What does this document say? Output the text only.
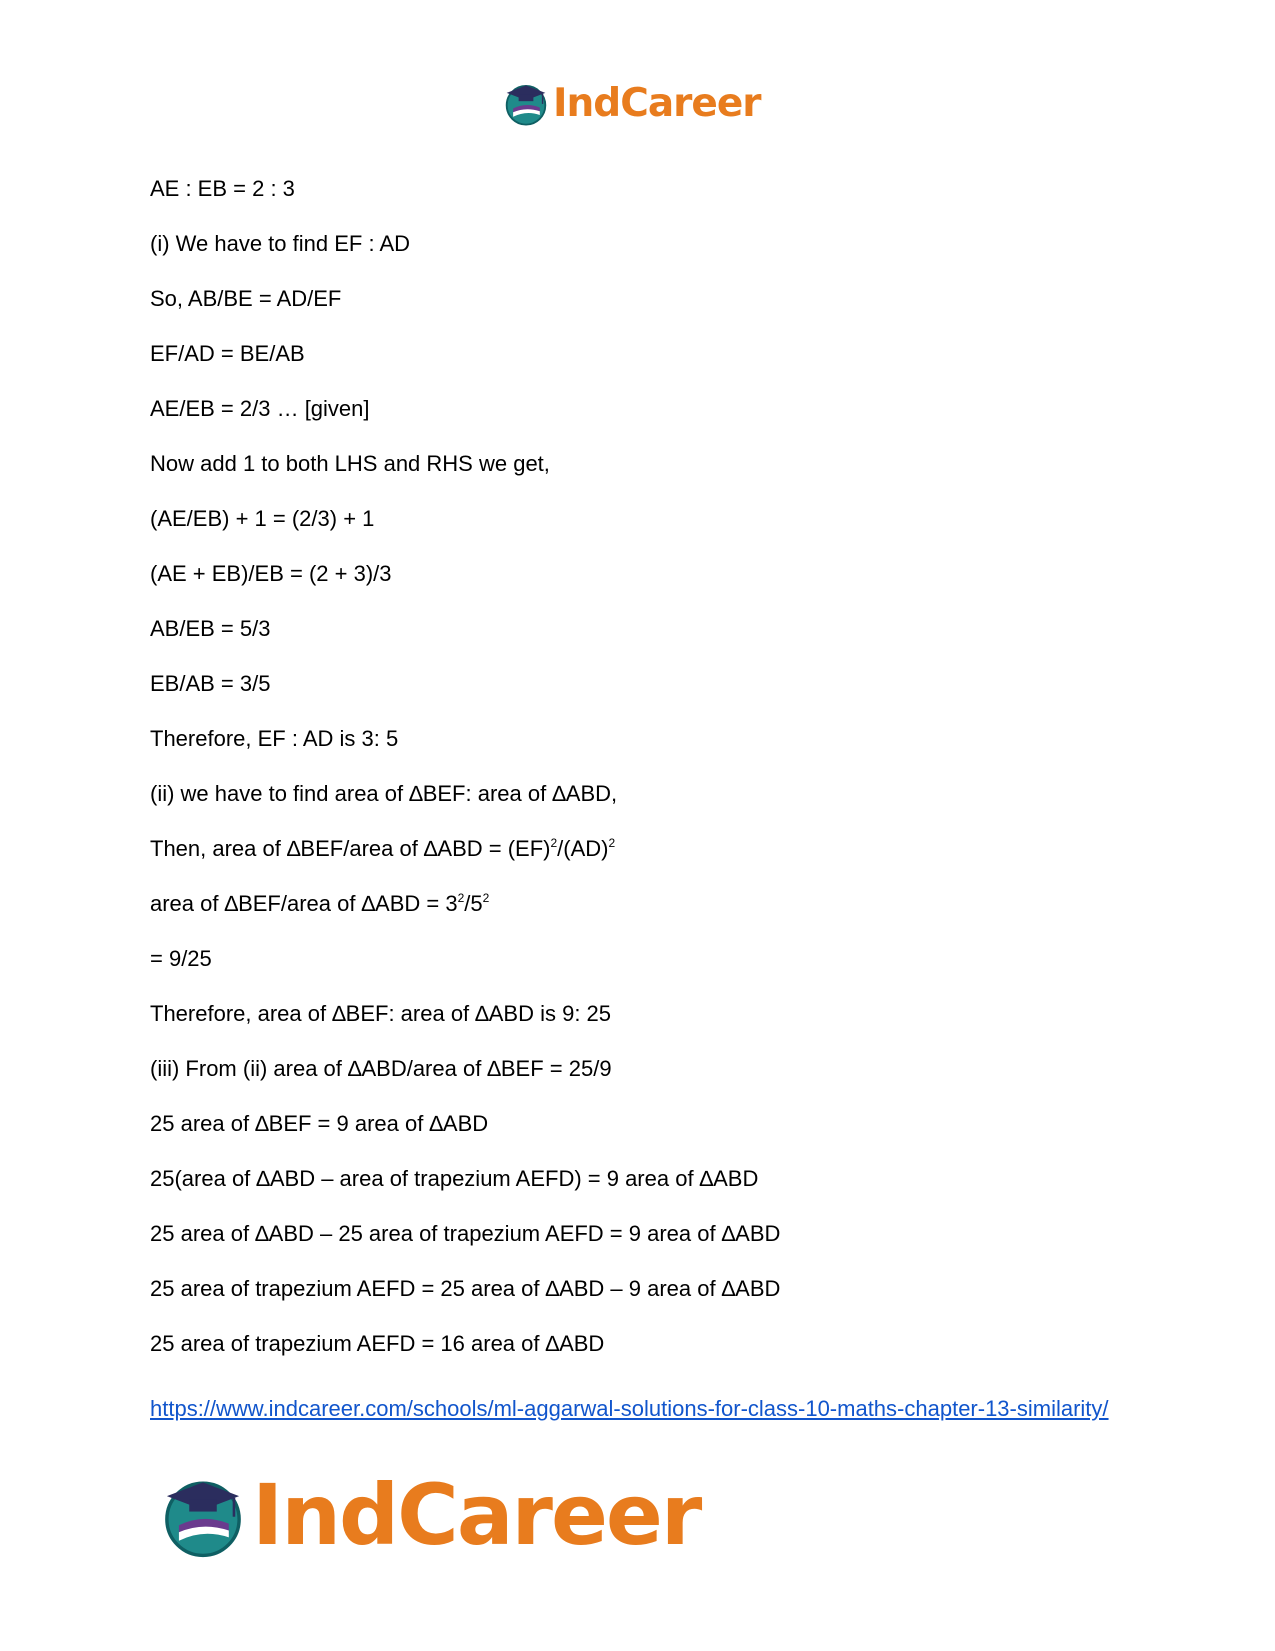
IndCareer
AE : EB = 2 : 3
(i) We have to find EF : AD
So, AB/BE = AD/EF
EF/AD = BE/AB
AE/EB = 2/3 … [given]
Now add 1 to both LHS and RHS we get,
(AE/EB) + 1 = (2/3) + 1
(AE + EB)/EB = (2 + 3)/3
AB/EB = 5/3
EB/AB = 3/5
Therefore, EF : AD is 3: 5
(ii) we have to find area of ∆BEF: area of ∆ABD,
Then, area of ∆BEF/area of ∆ABD = (EF)$^2$/(AD)$^2$
area of ∆BEF/area of $\Delta ABD = 3^2/5^2$
= 9/25
Therefore, area of ∆BEF: area of ∆ABD is 9: 25
(iii) From (ii) area of ∆ABD/area of ∆BEF = 25/9
25 area of ∆BEF = 9 area of ∆ABD
25(area of ∆ABD – area of trapezium AEFD) = 9 area of ∆ABD
25 area of ∆ABD – 25 area of trapezium AEFD = 9 area of ∆ABD
25 area of trapezium AEFD = 25 area of ∆ABD – 9 area of ∆ABD
25 area of trapezium AEFD = 16 area of ∆ABD
https://www.indcareer.com/schools/ml-aggarwal-solutions-for-class-10-maths-chapter-13-similarity/
IndCareer
